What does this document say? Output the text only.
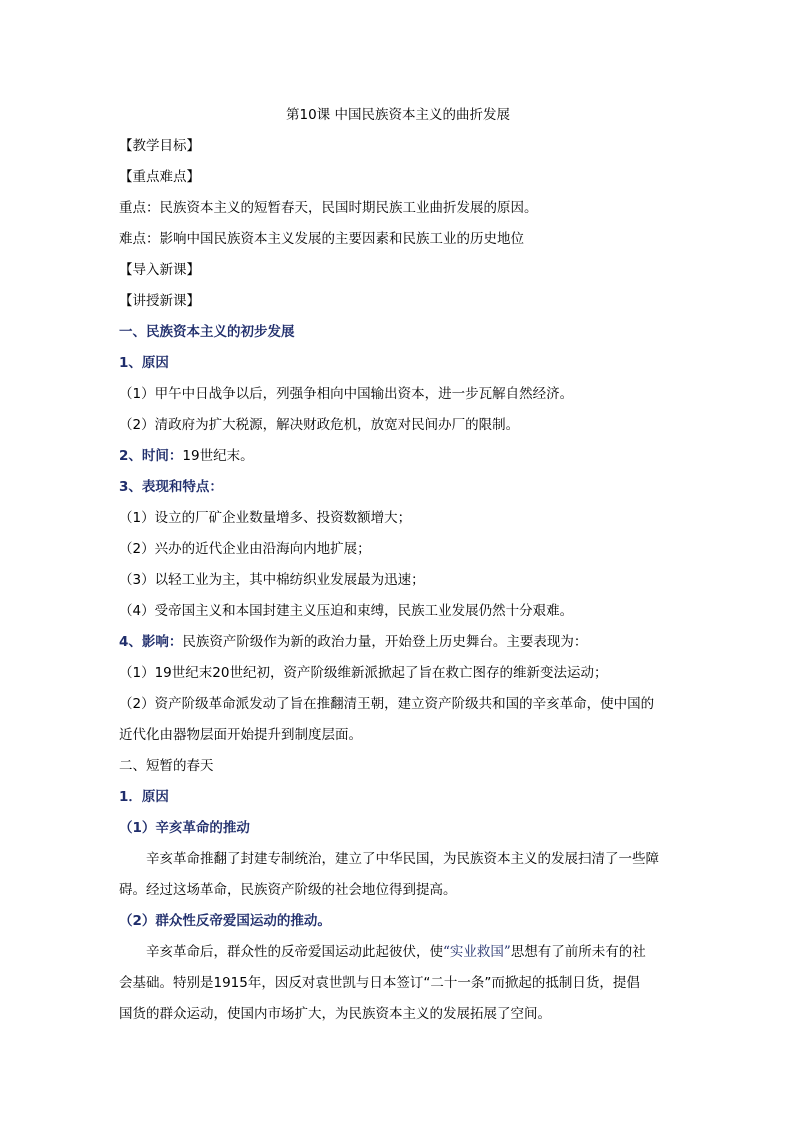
第10课 中国民族资本主义的曲折发展
【教学目标】
【重点难点】
重点：民族资本主义的短暂春天，民国时期民族工业曲折发展的原因。
难点：影响中国民族资本主义发展的主要因素和民族工业的历史地位
【导入新课】
【讲授新课】
一、民族资本主义的初步发展
1、原因
（1）甲午中日战争以后，列强争相向中国输出资本，进一步瓦解自然经济。
（2）清政府为扩大税源，解决财政危机，放宽对民间办厂的限制。
2、时间：19世纪末。
3、表现和特点：
（1）设立的厂矿企业数量增多、投资数额增大；
（2）兴办的近代企业由沿海向内地扩展；
（3）以轻工业为主，其中棉纺织业发展最为迅速；
（4）受帝国主义和本国封建主义压迫和束缚，民族工业发展仍然十分艰难。
4、影响：民族资产阶级作为新的政治力量，开始登上历史舞台。主要表现为：
（1）19世纪末20世纪初，资产阶级维新派掀起了旨在救亡图存的维新变法运动；
（2）资产阶级革命派发动了旨在推翻清王朝，建立资产阶级共和国的辛亥革命，使中国的
近代化由器物层面开始提升到制度层面。
二、短暂的春天
1．原因
（1）辛亥革命的推动
辛亥革命推翻了封建专制统治，建立了中华民国，为民族资本主义的发展扫清了一些障
碍。经过这场革命，民族资产阶级的社会地位得到提高。
（2）群众性反帝爱国运动的推动。
辛亥革命后，群众性的反帝爱国运动此起彼伏，使“实业救国”思想有了前所未有的社
会基础。特别是1915年，因反对袁世凯与日本签订“二十一条”而掀起的抵制日货，提倡
国货的群众运动，使国内市场扩大，为民族资本主义的发展拓展了空间。
